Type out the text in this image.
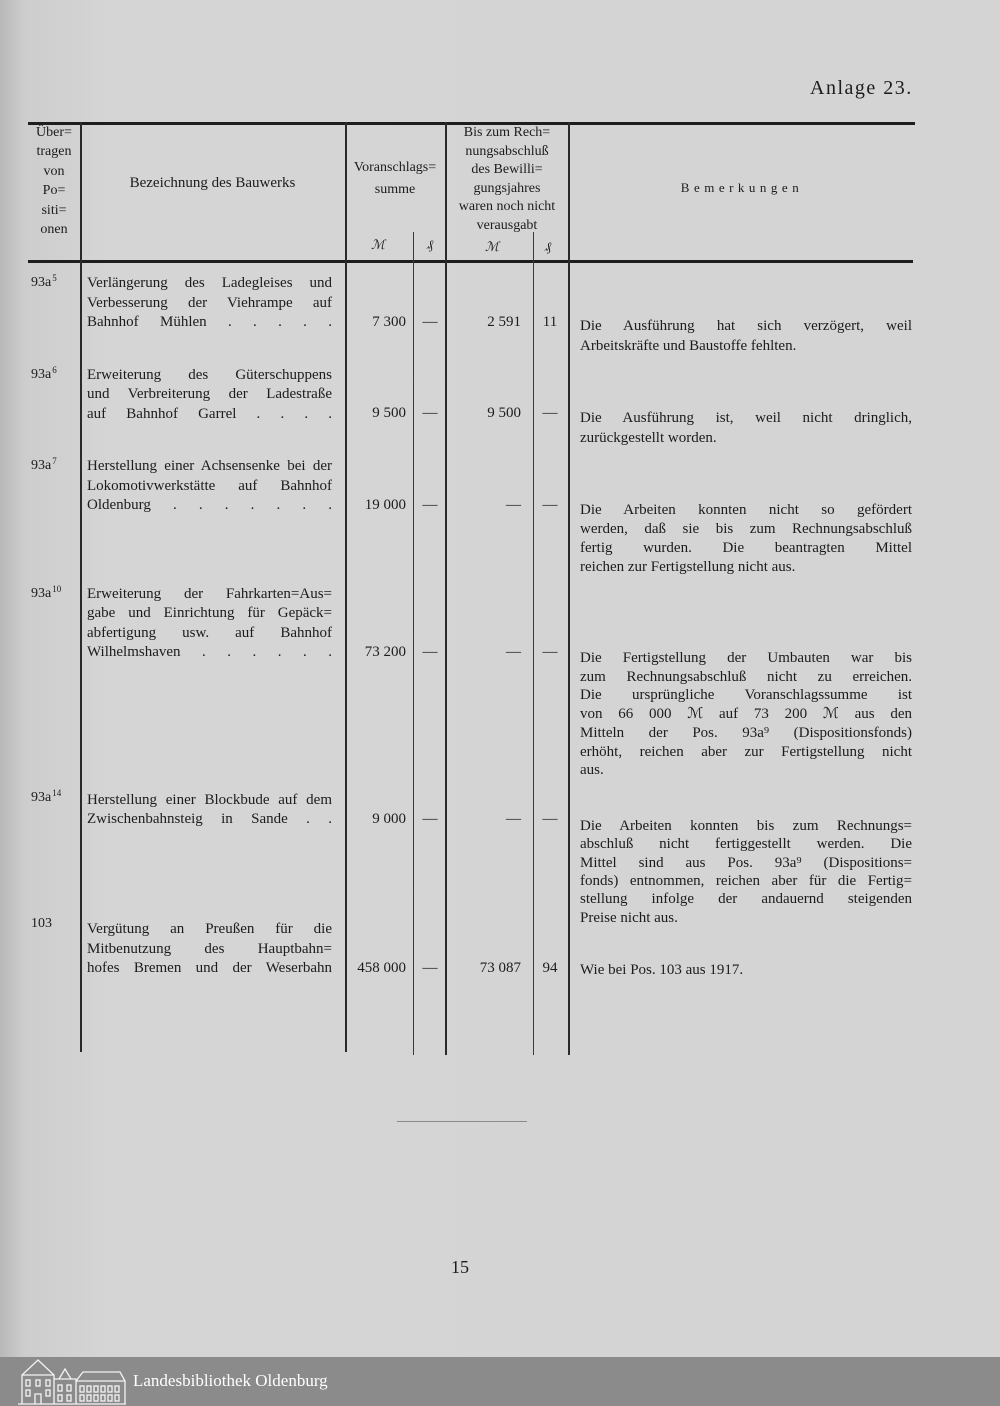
Anlage 23.
Über=
tragen
von
Po=
siti=
onen
Bezeichnung des Bauwerks
Voranschlags=
summe
ℳ	₰
Bis zum Rech=
nungsabschluß
des Bewilli=
gungsjahres
waren noch nicht
verausgabt
ℳ	₰
Bemerkungen
$93a^5$ Verlängerung des Ladegleises und
Verbesserung der Viehrampe auf
Bahnhof Mühlen . . . . .	7 300	—	2 591	11	Die Ausführung hat sich verzögert, weil
Arbeitskräfte und Baustoffe fehlten.
$93a^6$ Erweiterung des Güterschuppens
und Verbreiterung der Ladestraße
auf Bahnhof Garrel . . . .	9 500	—	9 500	—	Die Ausführung ist, weil nicht dringlich,
zurückgestellt worden.
$93a^7$ Herstellung einer Achsensenke bei der
Lokomotivwerkstätte auf Bahnhof
Oldenburg . . . . . . .	19 000	—	—	—	Die Arbeiten konnten nicht so gefördert
werden, daß sie bis zum Rechnungsabschluß
fertig wurden. Die beantragten Mittel
reichen zur Fertigstellung nicht aus.
$93a^{10}$ Erweiterung der Fahrkarten=Aus=
gabe und Einrichtung für Gepäck=
abfertigung usw. auf Bahnhof
Wilhelmshaven . . . . . .	73 200	—	—	—	Die Fertigstellung der Umbauten war bis
zum Rechnungsabschluß nicht zu erreichen.
Die ursprüngliche Voranschlagssumme ist
von 66 000 ℳ auf 73 200 ℳ aus den
Mitteln der Pos. 93a⁹ (Dispositionsfonds)
erhöht, reichen aber zur Fertigstellung nicht
aus.
$93a^{14}$ Herstellung einer Blockbude auf dem
Zwischenbahnsteig in Sande . .	9 000	—	—	—	Die Arbeiten konnten bis zum Rechnungs=
abschluß nicht fertiggestellt werden. Die
Mittel sind aus Pos. 93a⁹ (Dispositions=
fonds) entnommen, reichen aber für die Fertig=
stellung infolge der andauernd steigenden
Preise nicht aus.
103 Vergütung an Preußen für die
Mitbenutzung des Hauptbahn=
hofes Bremen und der Weserbahn	458 000	—	73 087	94	Wie bei Pos. 103 aus 1917.
15
Landesbibliothek Oldenburg
